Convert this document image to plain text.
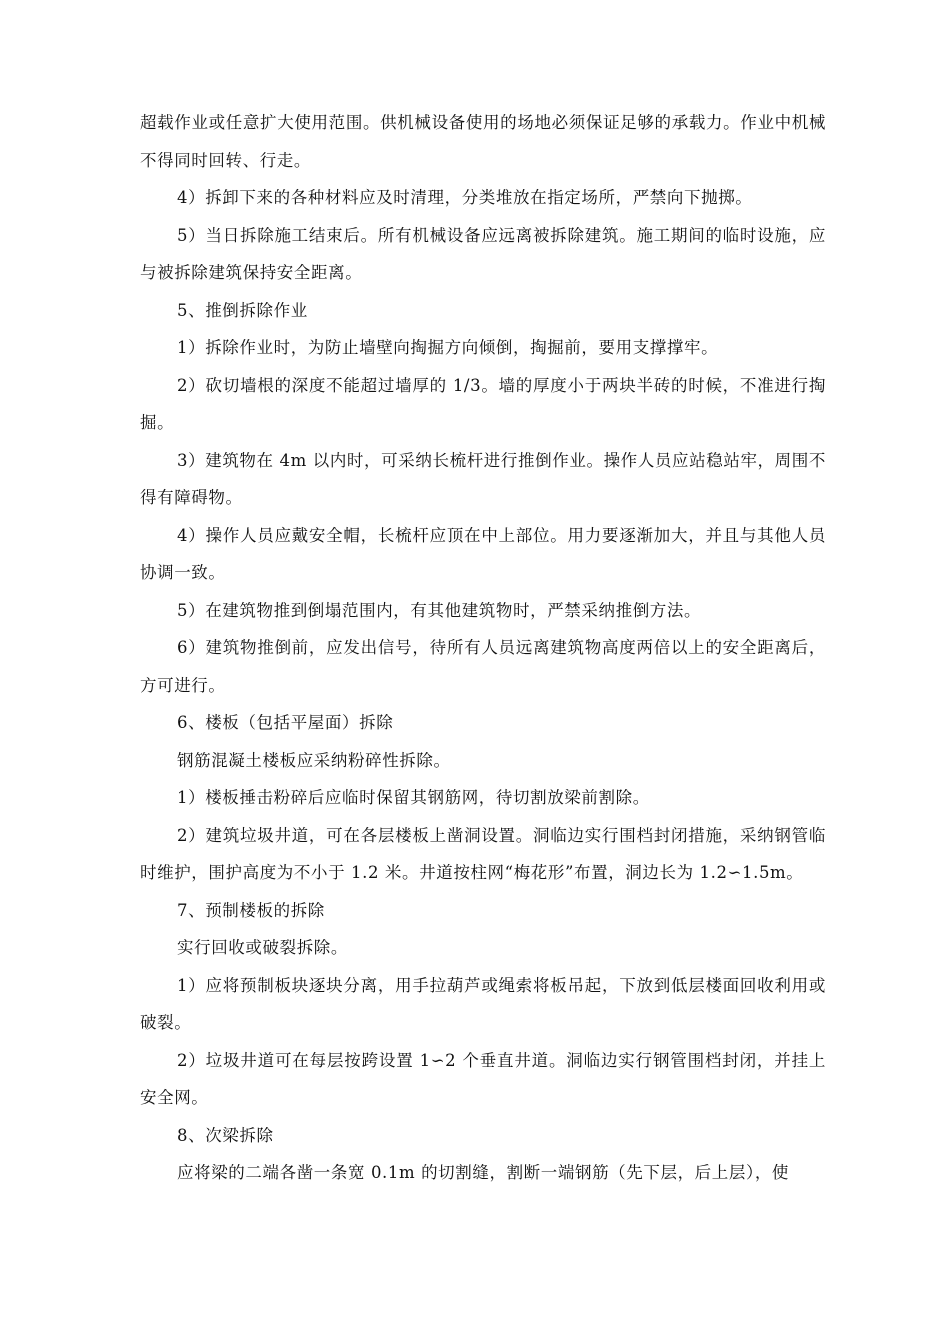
超载作业或任意扩大使用范围。供机械设备使用的场地必须保证足够的承载力。作业中机械不得同时回转、行走。

4）拆卸下来的各种材料应及时清理，分类堆放在指定场所，严禁向下抛掷。

5）当日拆除施工结束后。所有机械设备应远离被拆除建筑。施工期间的临时设施，应与被拆除建筑保持安全距离。

5、推倒拆除作业

1）拆除作业时，为防止墙壁向掏掘方向倾倒，掏掘前，要用支撑撑牢。

2）砍切墙根的深度不能超过墙厚的 1/3。墙的厚度小于两块半砖的时候，不准进行掏掘。

3）建筑物在 4m 以内时，可采纳长梳杆进行推倒作业。操作人员应站稳站牢，周围不得有障碍物。

4）操作人员应戴安全帽，长梳杆应顶在中上部位。用力要逐渐加大，并且与其他人员协调一致。

5）在建筑物推到倒塌范围内，有其他建筑物时，严禁采纳推倒方法。

6）建筑物推倒前，应发出信号，待所有人员远离建筑物高度两倍以上的安全距离后，方可进行。

6、楼板（包括平屋面）拆除

钢筋混凝土楼板应采纳粉碎性拆除。

1）楼板捶击粉碎后应临时保留其钢筋网，待切割放梁前割除。

2）建筑垃圾井道，可在各层楼板上凿洞设置。洞临边实行围档封闭措施，采纳钢管临时维护，围护高度为不小于 1.2 米。井道按柱网“梅花形”布置，洞边长为 1.2∽1.5m。

7、预制楼板的拆除

实行回收或破裂拆除。

1）应将预制板块逐块分离，用手拉葫芦或绳索将板吊起，下放到低层楼面回收利用或破裂。

2）垃圾井道可在每层按跨设置 1∽2 个垂直井道。洞临边实行钢管围档封闭，并挂上安全网。

8、次梁拆除

应将梁的二端各凿一条宽 0.1m 的切割缝，割断一端钢筋（先下层，后上层），使
